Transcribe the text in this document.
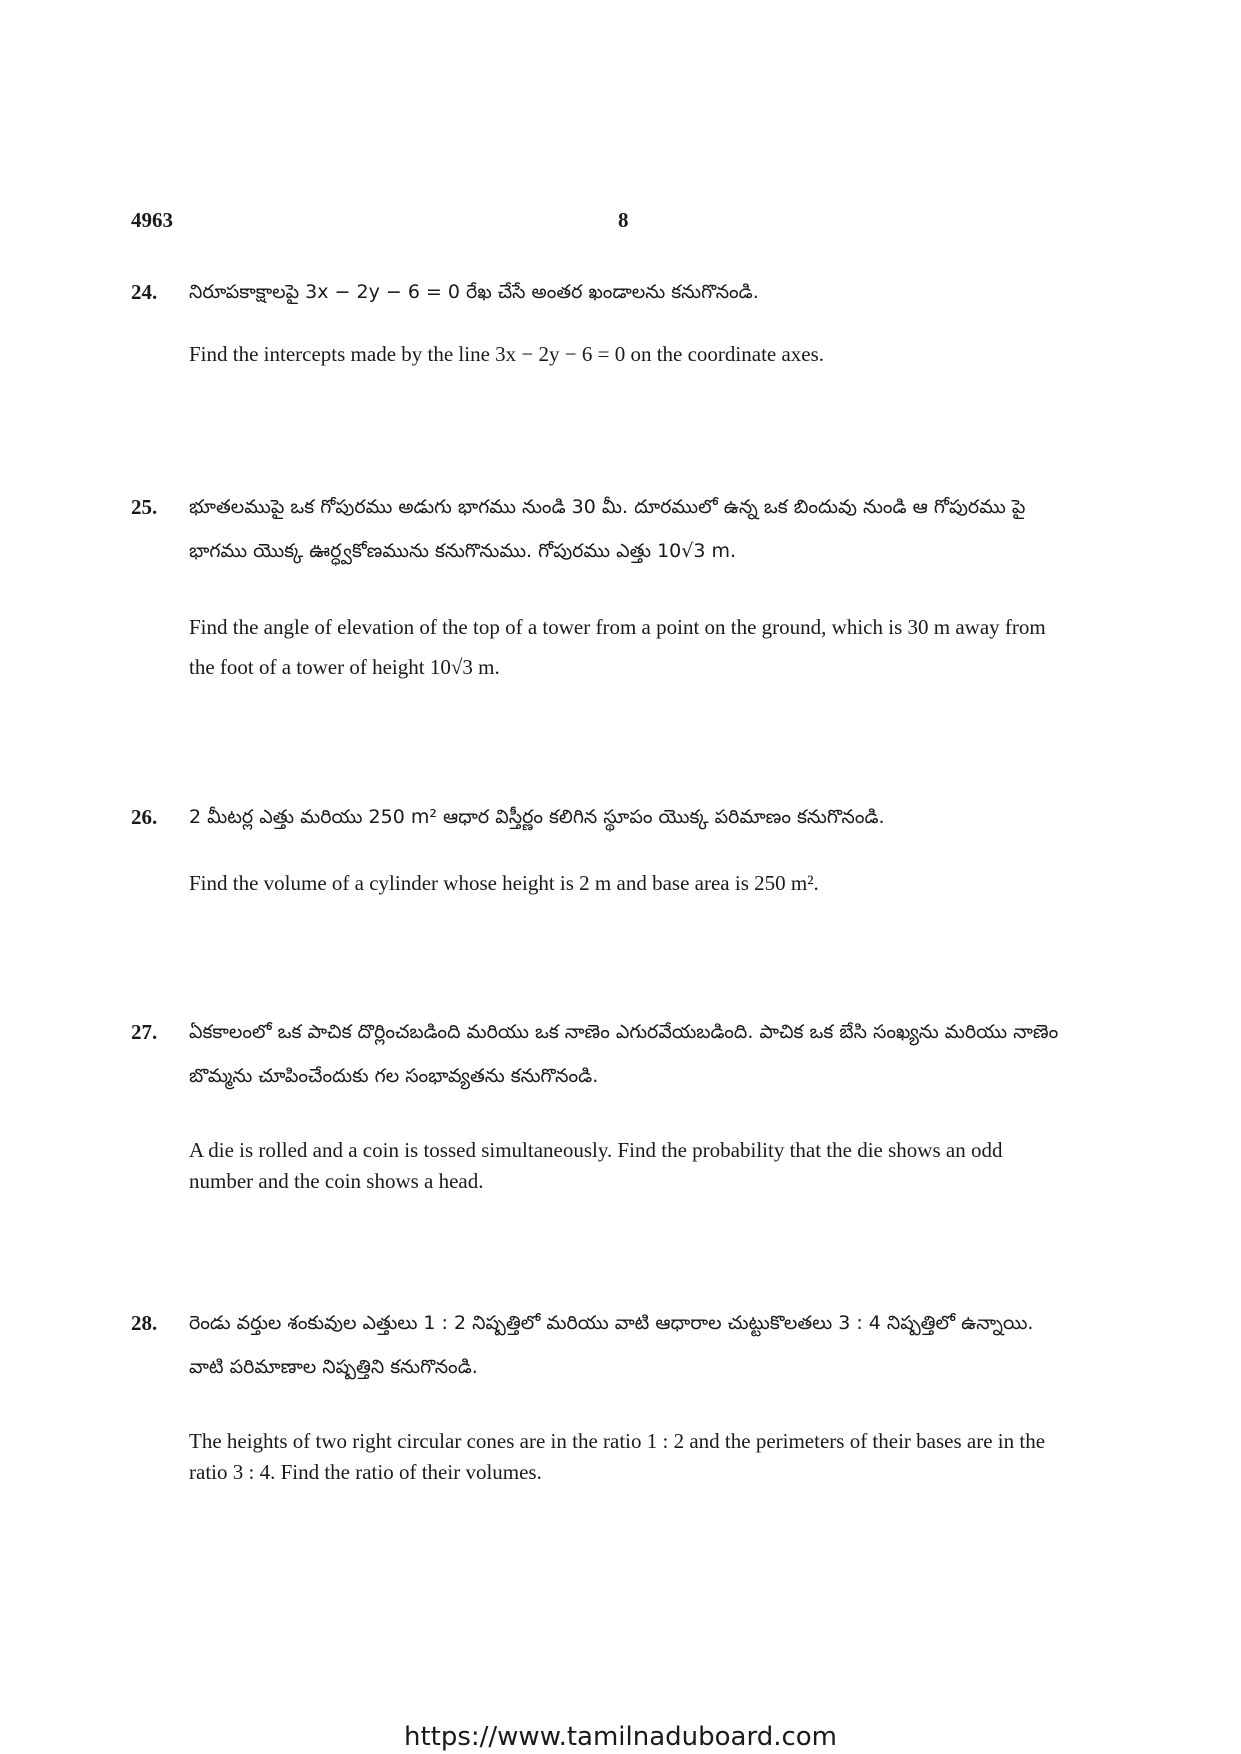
4963	8
24. నిరూపకాక్షాలపై 3x − 2y − 6 = 0 రేఖ చేసే అంతర ఖండాలను కనుగొనండి.
Find the intercepts made by the line 3x − 2y − 6 = 0 on the coordinate axes.
25. భూతలముపై ఒక గోపురము అడుగు భాగము నుండి 30 మీ. దూరములో ఉన్న ఒక బిందువు నుండి ఆ గోపురము పై భాగము యొక్క ఊర్ధ్వకోణమును కనుగొనుము. గోపురము ఎత్తు 10√3 m.
Find the angle of elevation of the top of a tower from a point on the ground, which is 30 m away from the foot of a tower of height 10√3 m.
26. 2 మీటర్ల ఎత్తు మరియు 250 m² ఆధార విస్తీర్ణం కలిగిన స్థూపం యొక్క పరిమాణం కనుగొనండి.
Find the volume of a cylinder whose height is 2 m and base area is 250 m².
27. ఏకకాలంలో ఒక పాచిక దొర్లించబడింది మరియు ఒక నాణెం ఎగురవేయబడింది. పాచిక ఒక బేసి సంఖ్యను మరియు నాణెం బొమ్మను చూపించేందుకు గల సంభావ్యతను కనుగొనండి.
A die is rolled and a coin is tossed simultaneously. Find the probability that the die shows an odd number and the coin shows a head.
28. రెండు వర్తుల శంకువుల ఎత్తులు 1 : 2 నిష్పత్తిలో మరియు వాటి ఆధారాల చుట్టుకొలతలు 3 : 4 నిష్పత్తిలో ఉన్నాయి. వాటి పరిమాణాల నిష్పత్తిని కనుగొనండి.
The heights of two right circular cones are in the ratio 1 : 2 and the perimeters of their bases are in the ratio 3 : 4. Find the ratio of their volumes.
https://www.tamilnaduboard.com
